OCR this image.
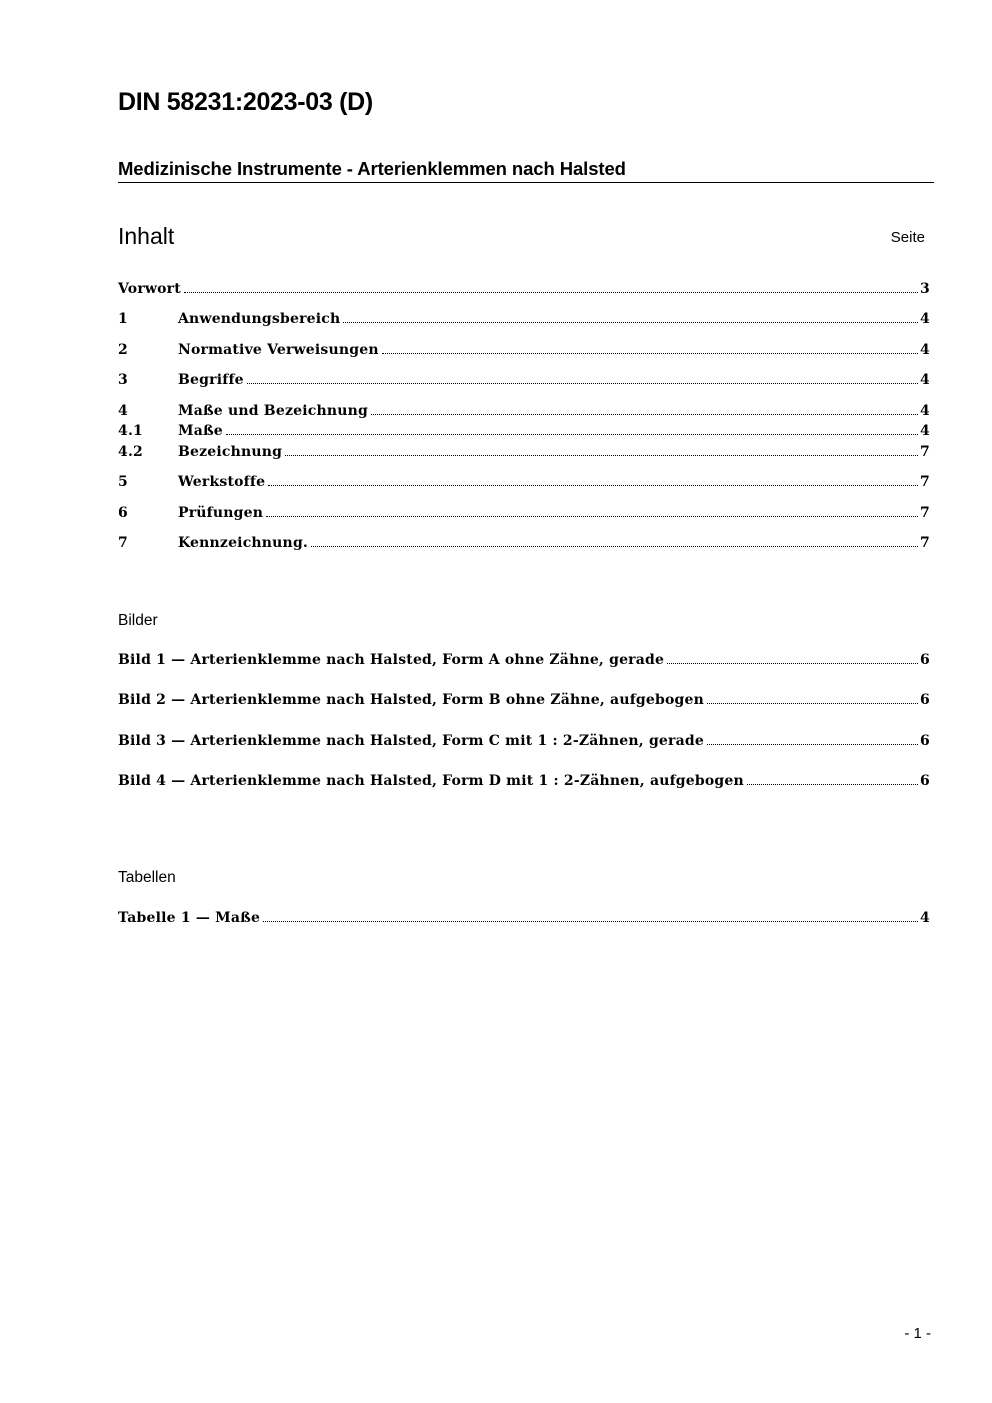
DIN 58231:2023-03 (D)
Medizinische Instrumente - Arterienklemmen nach Halsted
Inhalt	Seite
Vorwort	3
1	Anwendungsbereich	4
2	Normative Verweisungen	4
3	Begriffe	4
4	Maße und Bezeichnung	4
4.1	Maße	4
4.2	Bezeichnung	7
5	Werkstoffe	7
6	Prüfungen	7
7	Kennzeichnung.	7
Bilder
Bild 1 — Arterienklemme nach Halsted, Form A ohne Zähne, gerade	6
Bild 2 — Arterienklemme nach Halsted, Form B ohne Zähne, aufgebogen	6
Bild 3 — Arterienklemme nach Halsted, Form C mit 1 : 2-Zähnen, gerade	6
Bild 4 — Arterienklemme nach Halsted, Form D mit 1 : 2-Zähnen, aufgebogen	6
Tabellen
Tabelle 1 — Maße	4
- 1 -
